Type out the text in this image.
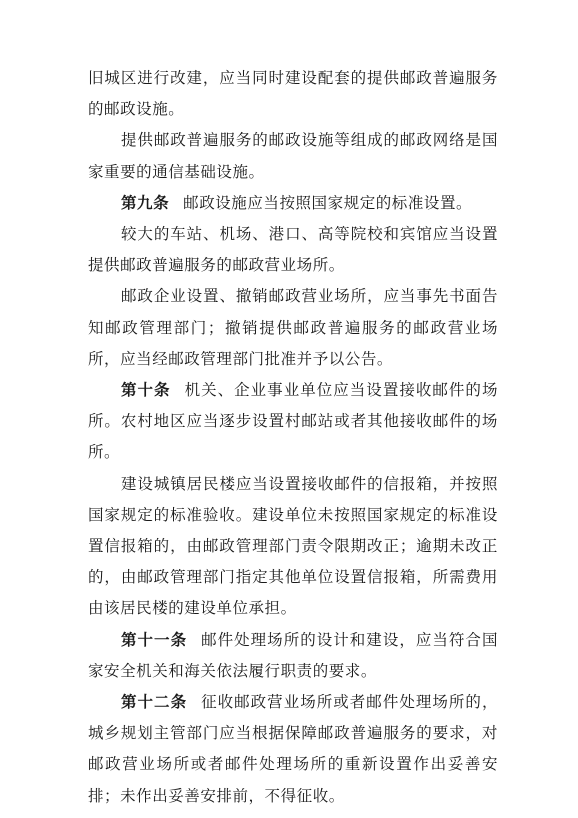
旧城区进行改建，应当同时建设配套的提供邮政普遍服务的邮政设施。

提供邮政普遍服务的邮政设施等组成的邮政网络是国家重要的通信基础设施。

第九条 邮政设施应当按照国家规定的标准设置。

较大的车站、机场、港口、高等院校和宾馆应当设置提供邮政普遍服务的邮政营业场所。

邮政企业设置、撤销邮政营业场所，应当事先书面告知邮政管理部门；撤销提供邮政普遍服务的邮政营业场所，应当经邮政管理部门批准并予以公告。

第十条 机关、企业事业单位应当设置接收邮件的场所。农村地区应当逐步设置村邮站或者其他接收邮件的场所。

建设城镇居民楼应当设置接收邮件的信报箱，并按照国家规定的标准验收。建设单位未按照国家规定的标准设置信报箱的，由邮政管理部门责令限期改正；逾期未改正的，由邮政管理部门指定其他单位设置信报箱，所需费用由该居民楼的建设单位承担。

第十一条 邮件处理场所的设计和建设，应当符合国家安全机关和海关依法履行职责的要求。

第十二条 征收邮政营业场所或者邮件处理场所的，城乡规划主管部门应当根据保障邮政普遍服务的要求，对邮政营业场所或者邮件处理场所的重新设置作出妥善安排；未作出妥善安排前，不得征收。
